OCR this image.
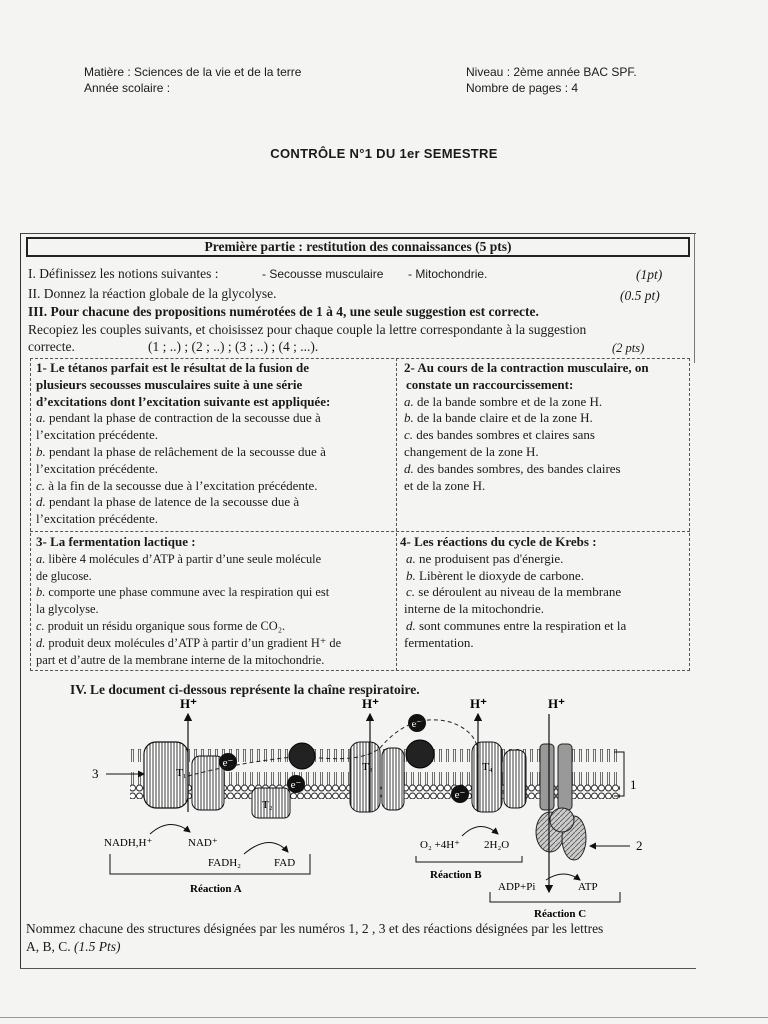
Matière : Sciences de la vie et de la terre
Année scolaire :
Niveau : 2ème année BAC SPF.
Nombre de pages : 4
CONTRÔLE N°1 DU 1er SEMESTRE
Première partie : restitution des connaissances (5 pts)
I. Définissez les notions suivantes :	- Secousse musculaire - Mitochondrie.	(1pt)
II. Donnez la réaction globale de la glycolyse.	(0.5 pt)
III. Pour chacune des propositions numérotées de 1 à 4, une seule suggestion est correcte.
Recopiez les couples suivants, et choisissez pour chaque couple la lettre correspondante à la suggestion
correcte.	(1 ; ..) ; (2 ; ..) ; (3 ; ..) ; (4 ; ...).	(2 pts)

1- Le tétanos parfait est le résultat de la fusion de

plusieurs secousses musculaires suite à une série

d’excitations dont l’excitation suivante est appliquée:

a. pendant la phase de contraction de la secousse due à

l’excitation précédente.

b. pendant la phase de relâchement de la secousse due à

l’excitation précédente.

c. à la fin de la secousse due à l’excitation précédente.

d. pendant la phase de latence de la secousse due à

l’excitation précédente.

2- Au cours de la contraction musculaire, on

constate un raccourcissement:

a. de la bande sombre et de la zone H.

b. de la bande claire et de la zone H.

c. des bandes sombres et claires sans

changement de la zone H.

d. des bandes sombres, des bandes claires

et de la zone H.

3- La fermentation lactique :

a. libère 4 molécules d’ATP à partir d’une seule molécule

de glucose.

b. comporte une phase commune avec la respiration qui est

la glycolyse.

c. produit un résidu organique sous forme de CO₂.

d. produit deux molécules d’ATP à partir d’un gradient H⁺ de

part et d’autre de la membrane interne de la mitochondrie.

4- Les réactions du cycle de Krebs :

a. ne produisent pas d'énergie.

b. Libèrent le dioxyde de carbone.

c. se déroulent au niveau de la membrane

interne de la mitochondrie.

d. sont communes entre la respiration et la

fermentation.

IV. Le document ci-dessous représente la chaîne respiratoire.
e⁻
e⁻
e⁻
e⁻
T₁
T₂
T₃	T₄
H⁺	H⁺	H⁺	H⁺
3
1
2
NADH,H⁺	NAD⁺
FADH₂	FAD
Réaction A
O₂ +4H⁺ 2H₂O
Réaction B
ADP+Pi	ATP
Réaction C
Nommez chacune des structures désignées par les numéros 1, 2 , 3 et des réactions désignées par les lettres
A, B, C. (1.5 Pts)
